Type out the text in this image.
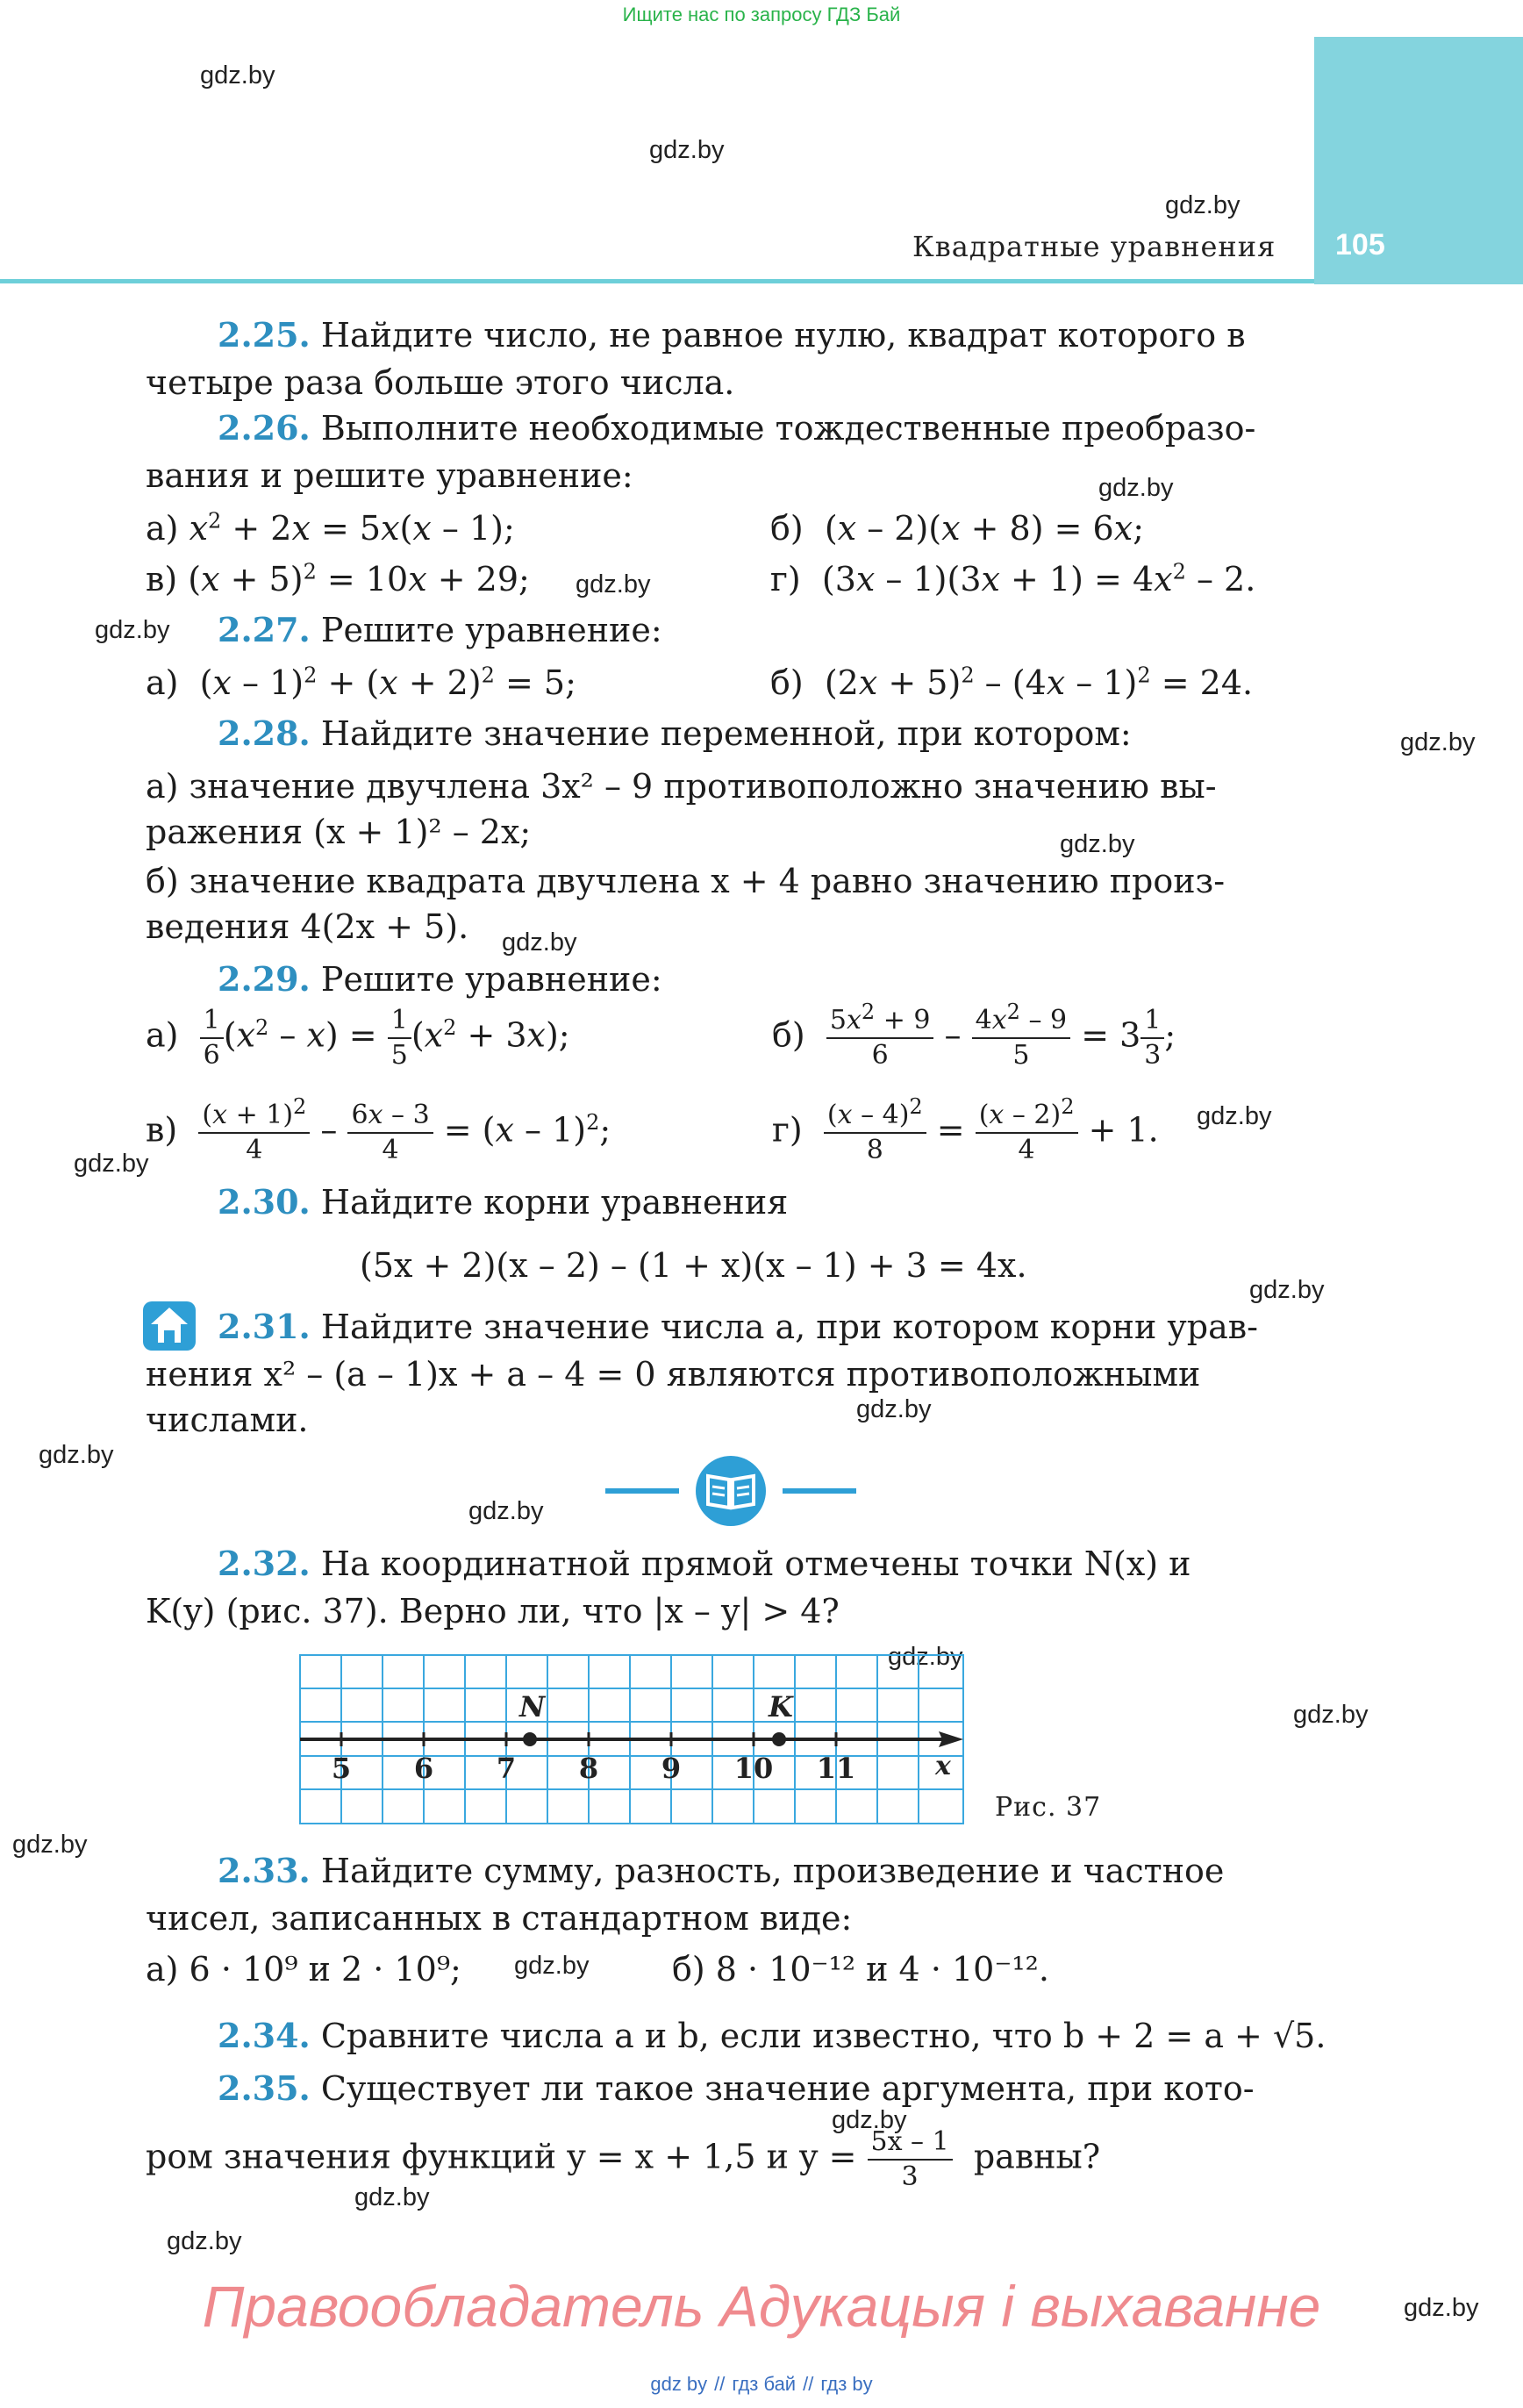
Ищите нас по запросу ГДЗ Бай
gdz.by
gdz.by
gdz.by
gdz.by
gdz.by
gdz.by
gdz.by
gdz.by
gdz.by
gdz.by
gdz.by
gdz.by
gdz.by
gdz.by
gdz.by
gdz.by
gdz.by
gdz.by
gdz.by
gdz.by
gdz.by
gdz.by
gdz.by
105
Квадратные уравнения
2.25. Найдите число, не равное нулю, квадрат которого в
четыре раза больше этого числа.
2.26. Выполните необходимые тождественные преобразо-
вания и решите уравнение:
а) $x^2 + 2x = 5x(x - 1)$;	б)  (x – 2)(x + 8) = 6x;
в) $(x + 5)^2 = 10x + 29$;	г)  $(3x - 1)(3x + 1) = 4x^2 - 2$.
2.27. Решите уравнение:
а)  $(x - 1)^2 + (x + 2)^2 = 5$;	б)  $(2x + 5)^2 - (4x - 1)^2 = 24$.
2.28. Найдите значение переменной, при котором:
а) значение двучлена 3x² – 9 противоположно значению вы-
ражения (x + 1)² – 2x;
б) значение квадрата двучлена x + 4 равно значению произ-
ведения 4(2x + 5).
2.29. Решите уравнение:
$а) \frac{1}{6} (x^2 - x) = \frac{1}{5} (x^2 + 3x)$;	$б) \frac{5x^2 + 9}{6} - \frac{4x^2 - 9}{5} = 3 \frac{1}{3}$ ;
$в) \frac{(x + 1)^2}{4} - \frac{6x - 3}{4} = (x - 1)^2$;	$г) \frac{(x - 4)^2}{8} = \frac{(x - 2)^2}{4} + 1$.
2.30. Найдите корни уравнения
(5x + 2)(x – 2) – (1 + x)(x – 1) + 3 = 4x.
2.31. Найдите значение числа a, при котором корни урав-
нения x² – (a – 1)x + a – 4 = 0 являются противоположными
числами.
2.32. На координатной прямой отмечены точки N(x) и
K(y) (рис. 37). Верно ли, что |x – y| > 4?
5 6 7 8 9 10 11
N	K
x
Рис. 37
2.33. Найдите сумму, разность, произведение и частное
чисел, записанных в стандартном виде:
а) 6 · 10⁹ и 2 · 10⁹;	б) 8 · 10⁻¹² и 4 · 10⁻¹².
2.34. Сравните числа a и b, если известно, что b + 2 = a + √5.
2.35. Существует ли такое значение аргумента, при кото-
ром значения функций y = x + 1,5 и $y = \frac{5x - 1}{3}$ равны?
Правообладатель Адукацыя і выхаванне
gdz by // гдз бай // гдз by
